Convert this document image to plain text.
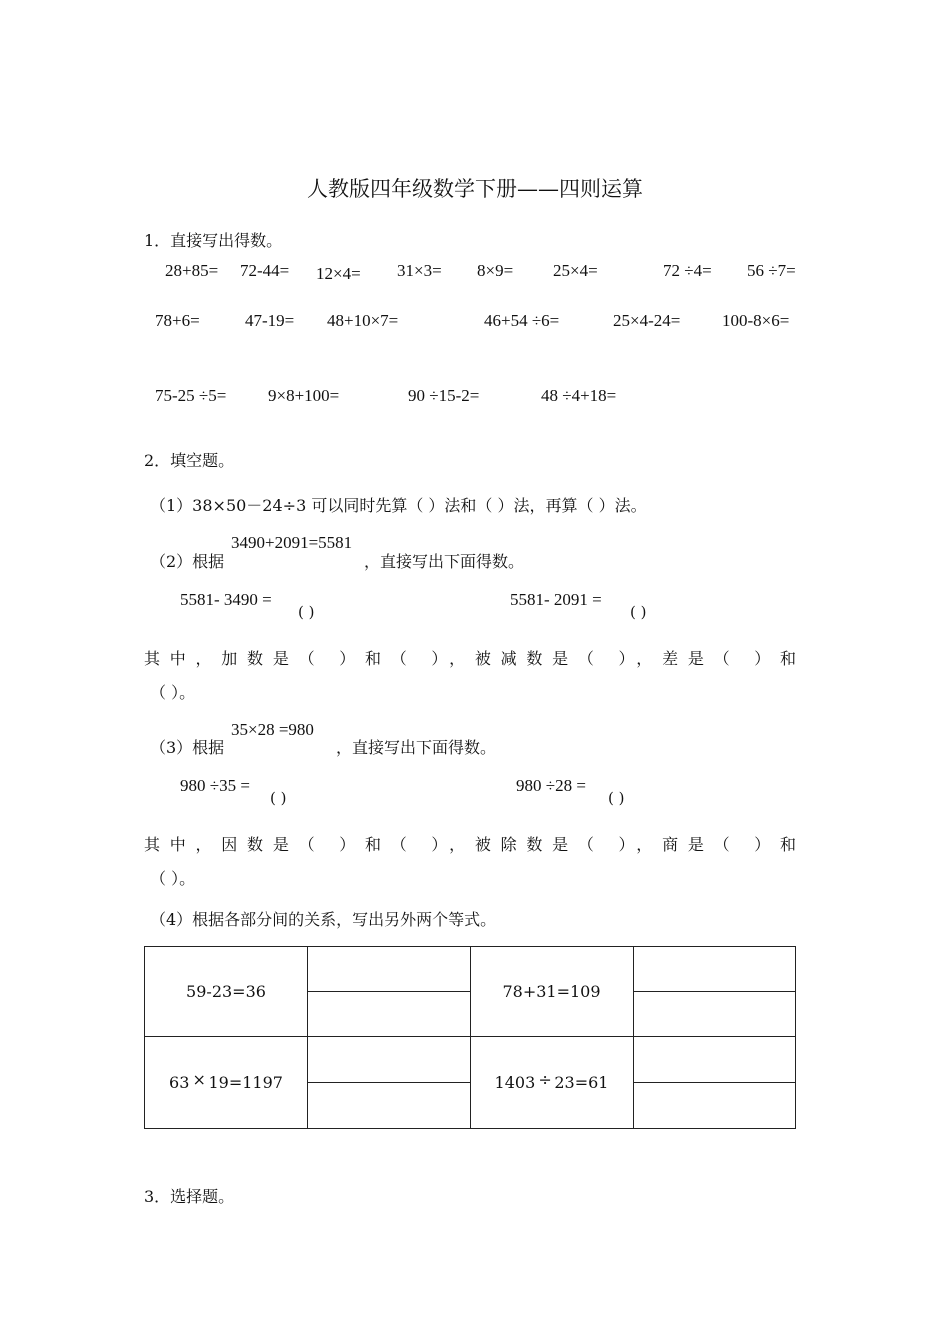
人教版四年级数学下册——四则运算
1．直接写出得数。
28+85= 72-44= 12×4= 31×3= 8×9= 25×4=	72 ÷4= 56 ÷7=
78+6=	47-19= 48+10×7=	46+54 ÷6=	25×4-24= 100-8×6=
75-25 ÷5= 9×8+100=	90 ÷15-2=	48 ÷4+18=
2．填空题。
（1）38×50－24÷3 可以同时先算（ ）法和（ ）法，再算（ ）法。
（2）根据
3490+2091=5581
，直接写出下面得数。
5581- 3490 =
( )
5581- 2091 =
( )
其中，加数是（ ）和（ ），被减数是（ ），差是（ ）和
（ ）。
（3）根据
35×28 =980
，直接写出下面得数。
980 ÷35 =
( )
980 ÷28 =
( )
其中，因数是（ ）和（ ），被除数是（ ），商是（ ）和
（ ）。
（4）根据各部分间的关系，写出另外两个等式。
59-23=36		78+31=109	

63 × 19=1197		1403 ÷ 23=61	

3．选择题。
